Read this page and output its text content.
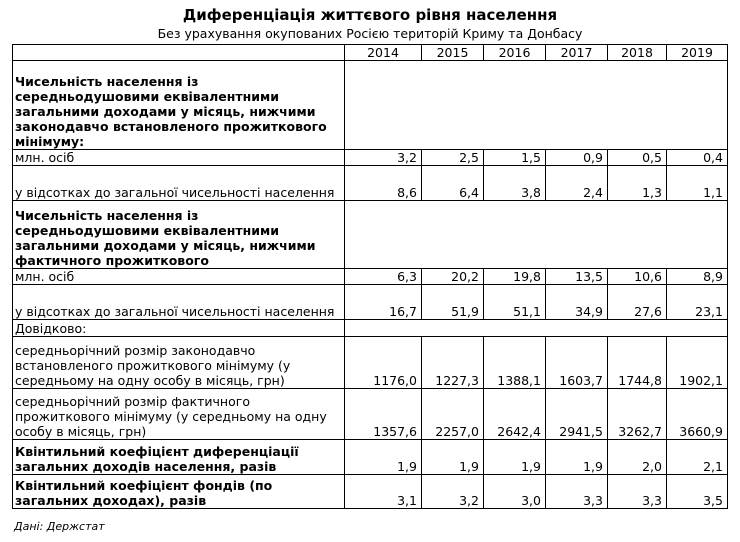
Диференціація життєвого рівня населення
Без урахування окупованих Росією територій Криму та Донбасу
	2014	2015	2016	2017	2018	2019
Чисельність населення із середньодушовими еквівалентними загальними доходами у місяць, нижчими законодавчо встановленого прожиткового мінімуму:						
млн. осіб	3,2	2,5	1,5	0,9	0,5	0,4
у відсотках до загальної чисельності населення	8,6	6,4	3,8	2,4	1,3	1,1
Чисельність населення із середньодушовими еквівалентними загальними доходами у місяць, нижчими фактичного прожиткового						
млн. осіб	6,3	20,2	19,8	13,5	10,6	8,9
у відсотках до загальної чисельності населення	16,7	51,9	51,1	34,9	27,6	23,1
Довідково:						
середньорічний розмір законодавчо встановленого прожиткового мінімуму (у середньому на одну особу в місяць, грн)	1176,0	1227,3	1388,1	1603,7	1744,8	1902,1
середньорічний розмір фактичного прожиткового мінімуму (у середньому на одну особу в місяць, грн)	1357,6	2257,0	2642,4	2941,5	3262,7	3660,9
Квінтильний коефіцієнт диференціації загальних доходів населення, разів	1,9	1,9	1,9	1,9	2,0	2,1
Квінтильний коефіцієнт фондів (по загальних доходах), разів	3,1	3,2	3,0	3,3	3,3	3,5
Дані: Держстат
